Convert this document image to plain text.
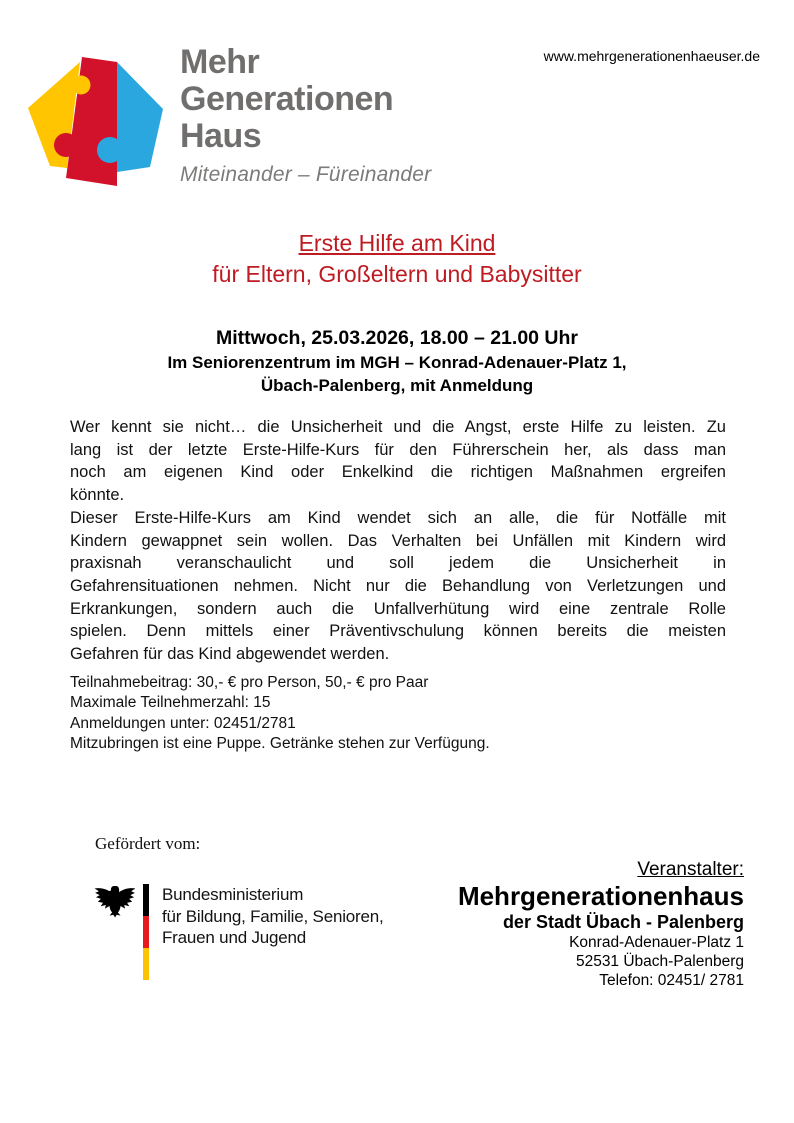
www.mehrgenerationenhaeuser.de
Mehr
Generationen
Haus
Miteinander – Füreinander
Erste Hilfe am Kind
für Eltern, Großeltern und Babysitter
Mittwoch, 25.03.2026, 18.00 – 21.00 Uhr
Im Seniorenzentrum im MGH – Konrad-Adenauer-Platz 1,
Übach-Palenberg, mit Anmeldung
Wer kennt sie nicht… die Unsicherheit und die Angst, erste Hilfe zu leisten. Zu
lang ist der letzte Erste-Hilfe-Kurs für den Führerschein her, als dass man
noch am eigenen Kind oder Enkelkind die richtigen Maßnahmen ergreifen
könnte.
Dieser Erste-Hilfe-Kurs am Kind wendet sich an alle, die für Notfälle mit
Kindern gewappnet sein wollen. Das Verhalten bei Unfällen mit Kindern wird
praxisnah veranschaulicht und soll jedem die Unsicherheit in
Gefahrensituationen nehmen. Nicht nur die Behandlung von Verletzungen und
Erkrankungen, sondern auch die Unfallverhütung wird eine zentrale Rolle
spielen. Denn mittels einer Präventivschulung können bereits die meisten
Gefahren für das Kind abgewendet werden.
Teilnahmebeitrag: 30,- € pro Person, 50,- € pro Paar
Maximale Teilnehmerzahl: 15
Anmeldungen unter: 02451/2781
Mitzubringen ist eine Puppe. Getränke stehen zur Verfügung.
Gefördert vom:
Bundesministerium
für Bildung, Familie, Senioren,
Frauen und Jugend
Veranstalter:
Mehrgenerationenhaus
der Stadt Übach - Palenberg
Konrad-Adenauer-Platz 1
52531 Übach-Palenberg
Telefon: 02451/ 2781
